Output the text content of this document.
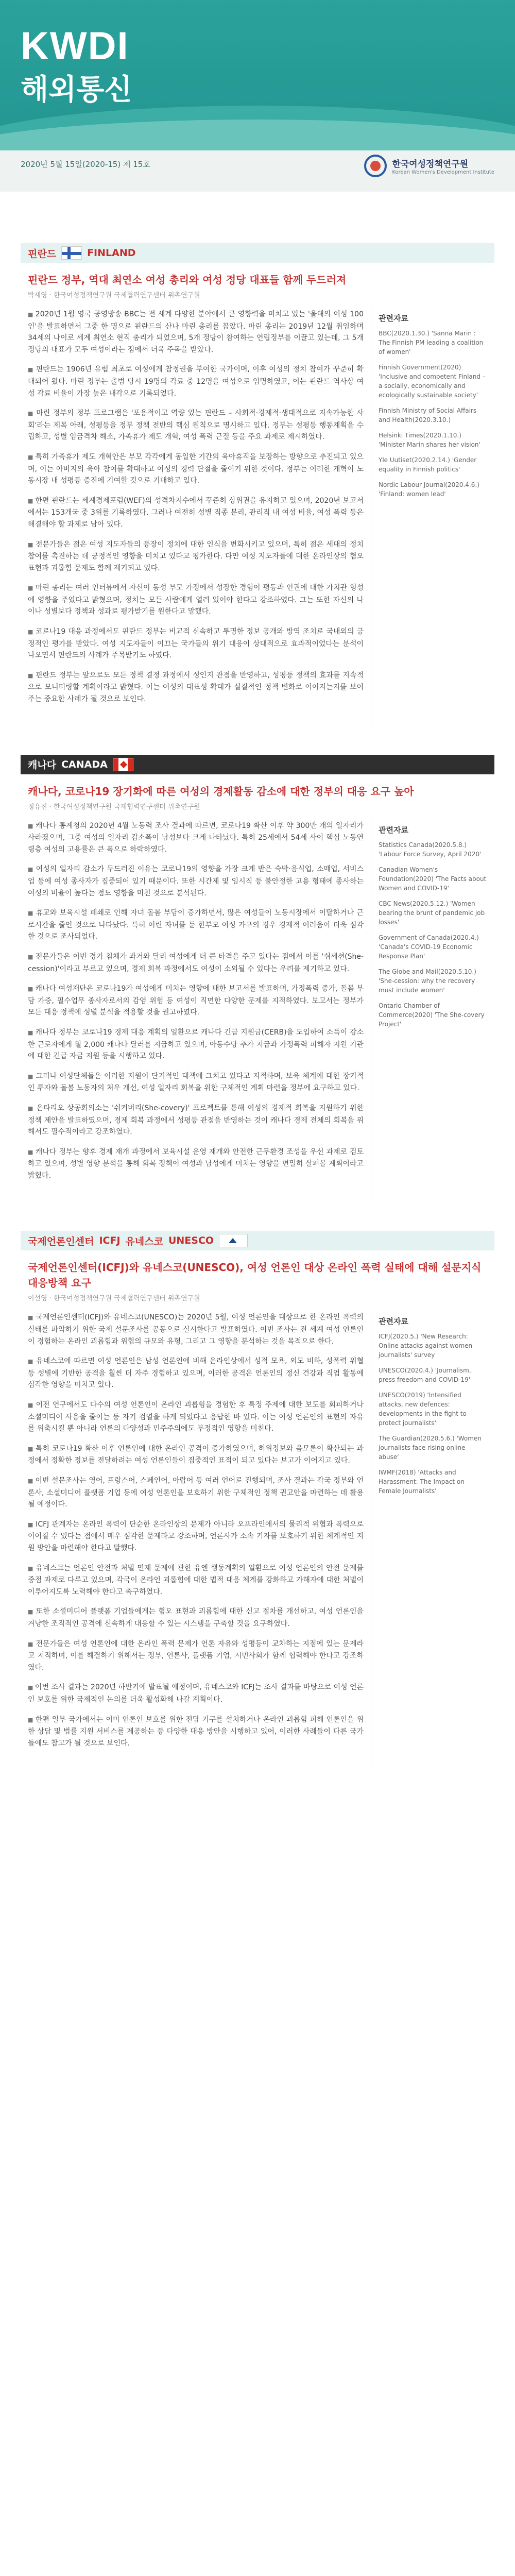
KWDI
해외통신
2020년 5월 15일(2020-15) 제 15호	한국여성정책연구원
Korean Women's Development Institute
핀란드	FINLAND
핀란드 정부, 역대 최연소 여성 총리와 여성 정당 대표들 함께 두드러져
박세영 · 한국여성정책연구원 국제협력연구센터 위촉연구원

■ 2020년 1월 영국 공영방송 BBC는 전 세계 다양한 분야에서 큰 영향력을 미치고 있는 '올해의 여성 100인'을 발표하면서 그중 한 명으로 핀란드의 산나 마린 총리를 꼽았다. 마린 총리는 2019년 12월 취임하며 34세의 나이로 세계 최연소 현직 총리가 되었으며, 5개 정당이 참여하는 연립정부를 이끌고 있는데, 그 5개 정당의 대표가 모두 여성이라는 점에서 더욱 주목을 받았다.

■ 핀란드는 1906년 유럽 최초로 여성에게 참정권을 부여한 국가이며, 이후 여성의 정치 참여가 꾸준히 확대되어 왔다. 마린 정부는 출범 당시 19명의 각료 중 12명을 여성으로 임명하였고, 이는 핀란드 역사상 여성 각료 비율이 가장 높은 내각으로 기록되었다.

■ 마린 정부의 정부 프로그램은 '포용적이고 역량 있는 핀란드 – 사회적·경제적·생태적으로 지속가능한 사회'라는 제목 아래, 성평등을 정부 정책 전반의 핵심 원칙으로 명시하고 있다. 정부는 성평등 행동계획을 수립하고, 성별 임금격차 해소, 가족휴가 제도 개혁, 여성 폭력 근절 등을 주요 과제로 제시하였다.

■ 특히 가족휴가 제도 개혁안은 부모 각각에게 동일한 기간의 육아휴직을 보장하는 방향으로 추진되고 있으며, 이는 아버지의 육아 참여를 확대하고 여성의 경력 단절을 줄이기 위한 것이다. 정부는 이러한 개혁이 노동시장 내 성평등 증진에 기여할 것으로 기대하고 있다.

■ 한편 핀란드는 세계경제포럼(WEF)의 성격차지수에서 꾸준히 상위권을 유지하고 있으며, 2020년 보고서에서는 153개국 중 3위를 기록하였다. 그러나 여전히 성별 직종 분리, 관리직 내 여성 비율, 여성 폭력 등은 해결해야 할 과제로 남아 있다.

■ 전문가들은 젊은 여성 지도자들의 등장이 정치에 대한 인식을 변화시키고 있으며, 특히 젊은 세대의 정치 참여를 촉진하는 데 긍정적인 영향을 미치고 있다고 평가한다. 다만 여성 지도자들에 대한 온라인상의 혐오 표현과 괴롭힘 문제도 함께 제기되고 있다.

■ 마린 총리는 여러 인터뷰에서 자신이 동성 부모 가정에서 성장한 경험이 평등과 인권에 대한 가치관 형성에 영향을 주었다고 밝혔으며, 정치는 모든 사람에게 열려 있어야 한다고 강조하였다. 그는 또한 자신의 나이나 성별보다 정책과 성과로 평가받기를 원한다고 말했다.

■ 코로나19 대응 과정에서도 핀란드 정부는 비교적 신속하고 투명한 정보 공개와 방역 조치로 국내외의 긍정적인 평가를 받았다. 여성 지도자들이 이끄는 국가들의 위기 대응이 상대적으로 효과적이었다는 분석이 나오면서 핀란드의 사례가 주목받기도 하였다.

■ 핀란드 정부는 앞으로도 모든 정책 결정 과정에서 성인지 관점을 반영하고, 성평등 정책의 효과를 지속적으로 모니터링할 계획이라고 밝혔다. 이는 여성의 대표성 확대가 실질적인 정책 변화로 이어지는지를 보여주는 중요한 사례가 될 것으로 보인다.

관련자료
BBC(2020.1.30.) 'Sanna Marin : The Finnish PM leading a coalition of women'
Finnish Government(2020) 'Inclusive and competent Finland – a socially, economically and ecologically sustainable society'
Finnish Ministry of Social Affairs and Health(2020.3.10.)
Helsinki Times(2020.1.10.) 'Minister Marin shares her vision'
Yle Uutiset(2020.2.14.) 'Gender equality in Finnish politics'
Nordic Labour Journal(2020.4.6.) 'Finland: women lead'
캐나다 CANADA
캐나다, 코로나19 장기화에 따른 여성의 경제활동 감소에 대한 정부의 대응 요구 높아
정유진 · 한국여성정책연구원 국제협력연구센터 위촉연구원

■ 캐나다 통계청의 2020년 4월 노동력 조사 결과에 따르면, 코로나19 확산 이후 약 300만 개의 일자리가 사라졌으며, 그중 여성의 일자리 감소폭이 남성보다 크게 나타났다. 특히 25세에서 54세 사이 핵심 노동연령층 여성의 고용률은 큰 폭으로 하락하였다.

■ 여성의 일자리 감소가 두드러진 이유는 코로나19의 영향을 가장 크게 받은 숙박·음식업, 소매업, 서비스업 등에 여성 종사자가 집중되어 있기 때문이다. 또한 시간제 및 임시직 등 불안정한 고용 형태에 종사하는 여성의 비율이 높다는 점도 영향을 미친 것으로 분석된다.

■ 휴교와 보육시설 폐쇄로 인해 자녀 돌봄 부담이 증가하면서, 많은 여성들이 노동시장에서 이탈하거나 근로시간을 줄인 것으로 나타났다. 특히 어린 자녀를 둔 한부모 여성 가구의 경우 경제적 어려움이 더욱 심각한 것으로 조사되었다.

■ 전문가들은 이번 경기 침체가 과거와 달리 여성에게 더 큰 타격을 주고 있다는 점에서 이를 '쉬세션(She-cession)'이라고 부르고 있으며, 경제 회복 과정에서도 여성이 소외될 수 있다는 우려를 제기하고 있다.

■ 캐나다 여성재단은 코로나19가 여성에게 미치는 영향에 대한 보고서를 발표하며, 가정폭력 증가, 돌봄 부담 가중, 필수업무 종사자로서의 감염 위험 등 여성이 직면한 다양한 문제를 지적하였다. 보고서는 정부가 모든 대응 정책에 성별 분석을 적용할 것을 권고하였다.

■ 캐나다 정부는 코로나19 경제 대응 계획의 일환으로 캐나다 긴급 지원금(CERB)을 도입하여 소득이 감소한 근로자에게 월 2,000 캐나다 달러를 지급하고 있으며, 아동수당 추가 지급과 가정폭력 피해자 지원 기관에 대한 긴급 자금 지원 등을 시행하고 있다.

■ 그러나 여성단체들은 이러한 지원이 단기적인 대책에 그치고 있다고 지적하며, 보육 체계에 대한 장기적인 투자와 돌봄 노동자의 처우 개선, 여성 일자리 회복을 위한 구체적인 계획 마련을 정부에 요구하고 있다.

■ 온타리오 상공회의소는 '쉬커버리(She-covery)' 프로젝트를 통해 여성의 경제적 회복을 지원하기 위한 정책 제안을 발표하였으며, 경제 회복 과정에서 성평등 관점을 반영하는 것이 캐나다 경제 전체의 회복을 위해서도 필수적이라고 강조하였다.

■ 캐나다 정부는 향후 경제 재개 과정에서 보육시설 운영 재개와 안전한 근무환경 조성을 우선 과제로 검토하고 있으며, 성별 영향 분석을 통해 회복 정책이 여성과 남성에게 미치는 영향을 면밀히 살펴볼 계획이라고 밝혔다.

관련자료
Statistics Canada(2020.5.8.) 'Labour Force Survey, April 2020'
Canadian Women's Foundation(2020) 'The Facts about Women and COVID-19'
CBC News(2020.5.12.) 'Women bearing the brunt of pandemic job losses'
Government of Canada(2020.4.) 'Canada's COVID-19 Economic Response Plan'
The Globe and Mail(2020.5.10.) 'She-cession: why the recovery must include women'
Ontario Chamber of Commerce(2020) 'The She-covery Project'
국제언론인센터 ICFJ 유네스코 UNESCO
국제언론인센터(ICFJ)와 유네스코(UNESCO), 여성 언론인 대상 온라인 폭력 실태에 대해 설문지식 대응방책 요구
이선영 · 한국여성정책연구원 국제협력연구센터 위촉연구원

■ 국제언론인센터(ICFJ)와 유네스코(UNESCO)는 2020년 5월, 여성 언론인을 대상으로 한 온라인 폭력의 실태를 파악하기 위한 국제 설문조사를 공동으로 실시한다고 발표하였다. 이번 조사는 전 세계 여성 언론인이 경험하는 온라인 괴롭힘과 위협의 규모와 유형, 그리고 그 영향을 분석하는 것을 목적으로 한다.

■ 유네스코에 따르면 여성 언론인은 남성 언론인에 비해 온라인상에서 성적 모욕, 외모 비하, 성폭력 위협 등 성별에 기반한 공격을 훨씬 더 자주 경험하고 있으며, 이러한 공격은 언론인의 정신 건강과 직업 활동에 심각한 영향을 미치고 있다.

■ 이전 연구에서도 다수의 여성 언론인이 온라인 괴롭힘을 경험한 후 특정 주제에 대한 보도를 회피하거나 소셜미디어 사용을 줄이는 등 자기 검열을 하게 되었다고 응답한 바 있다. 이는 여성 언론인의 표현의 자유를 위축시킬 뿐 아니라 언론의 다양성과 민주주의에도 부정적인 영향을 미친다.

■ 특히 코로나19 확산 이후 언론인에 대한 온라인 공격이 증가하였으며, 허위정보와 음모론이 확산되는 과정에서 정확한 정보를 전달하려는 여성 언론인들이 집중적인 표적이 되고 있다는 보고가 이어지고 있다.

■ 이번 설문조사는 영어, 프랑스어, 스페인어, 아랍어 등 여러 언어로 진행되며, 조사 결과는 각국 정부와 언론사, 소셜미디어 플랫폼 기업 등에 여성 언론인을 보호하기 위한 구체적인 정책 권고안을 마련하는 데 활용될 예정이다.

■ ICFJ 관계자는 온라인 폭력이 단순한 온라인상의 문제가 아니라 오프라인에서의 물리적 위협과 폭력으로 이어질 수 있다는 점에서 매우 심각한 문제라고 강조하며, 언론사가 소속 기자를 보호하기 위한 체계적인 지원 방안을 마련해야 한다고 말했다.

■ 유네스코는 언론인 안전과 처벌 면제 문제에 관한 유엔 행동계획의 일환으로 여성 언론인의 안전 문제를 중점 과제로 다루고 있으며, 각국이 온라인 괴롭힘에 대한 법적 대응 체계를 강화하고 가해자에 대한 처벌이 이루어지도록 노력해야 한다고 촉구하였다.

■ 또한 소셜미디어 플랫폼 기업들에게는 혐오 표현과 괴롭힘에 대한 신고 절차를 개선하고, 여성 언론인을 겨냥한 조직적인 공격에 신속하게 대응할 수 있는 시스템을 구축할 것을 요구하였다.

■ 전문가들은 여성 언론인에 대한 온라인 폭력 문제가 언론 자유와 성평등이 교차하는 지점에 있는 문제라고 지적하며, 이를 해결하기 위해서는 정부, 언론사, 플랫폼 기업, 시민사회가 함께 협력해야 한다고 강조하였다.

■ 이번 조사 결과는 2020년 하반기에 발표될 예정이며, 유네스코와 ICFJ는 조사 결과를 바탕으로 여성 언론인 보호를 위한 국제적인 논의를 더욱 활성화해 나갈 계획이다.

■ 한편 일부 국가에서는 이미 언론인 보호를 위한 전담 기구를 설치하거나 온라인 괴롭힘 피해 언론인을 위한 상담 및 법률 지원 서비스를 제공하는 등 다양한 대응 방안을 시행하고 있어, 이러한 사례들이 다른 국가들에도 참고가 될 것으로 보인다.

관련자료
ICFJ(2020.5.) 'New Research: Online attacks against women journalists' survey
UNESCO(2020.4.) 'Journalism, press freedom and COVID-19'
UNESCO(2019) 'Intensified attacks, new defences: developments in the fight to protect journalists'
The Guardian(2020.5.6.) 'Women journalists face rising online abuse'
IWMF(2018) 'Attacks and Harassment: The Impact on Female Journalists'
